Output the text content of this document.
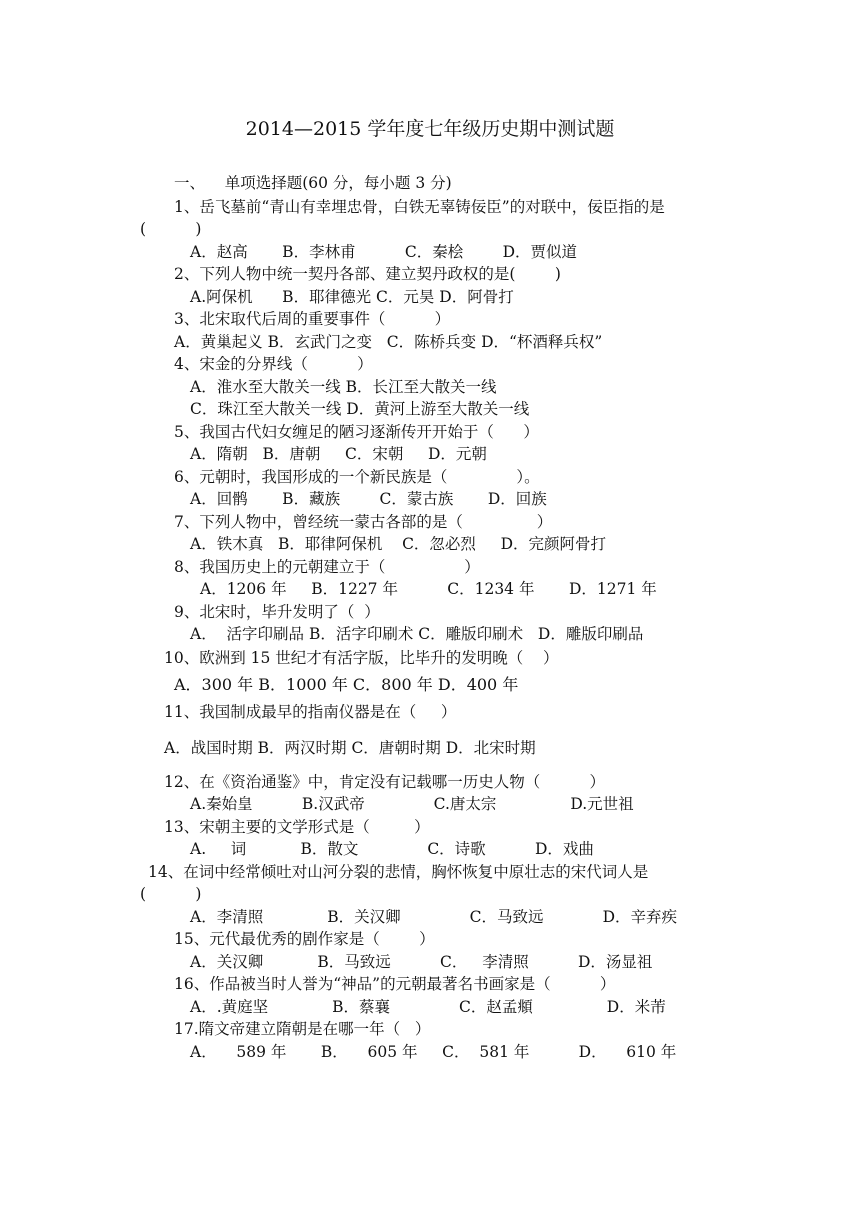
2014—2015 学年度七年级历史期中测试题
一、    单项选择题(60 分，每小题 3 分)
1、岳飞墓前“青山有幸埋忠骨，白铁无辜铸佞臣”的对联中，佞臣指的是
(          )
A．赵高       B．李林甫          C．秦桧        D．贾似道
2、下列人物中统一契丹各部、建立契丹政权的是(        )
A.阿保机      B．耶律德光 C．元昊 D．阿骨打
3、北宋取代后周的重要事件（          ）
A．黄巢起义 B．玄武门之变   C．陈桥兵变 D．“杯酒释兵权”
4、宋金的分界线（          ）
A．淮水至大散关一线 B．长江至大散关一线
C．珠江至大散关一线 D．黄河上游至大散关一线
5、我国古代妇女缠足的陋习逐渐传开开始于（      ）
A．隋朝   B．唐朝     C．宋朝     D．元朝
6、元朝时，我国形成的一个新民族是（              ）。
A．回鹘       B．藏族        C．蒙古族       D．回族
7、下列人物中，曾经统一蒙古各部的是（               ）
A．铁木真   B．耶律阿保机    C．忽必烈     D．完颜阿骨打
8、我国历史上的元朝建立于（                ）
A．1206 年     B．1227 年          C．1234 年       D．1271 年
9、北宋时，毕升发明了（  ）
A．  活字印刷品 B．活字印刷术 C．雕版印刷术   D．雕版印刷品
10、欧洲到 15 世纪才有活字版，比毕升的发明晚（    ）
A．300 年 B．1000 年 C．800 年 D．400 年
11、我国制成最早的指南仪器是在（     ）
A．战国时期 B．两汉时期 C．唐朝时期 D．北宋时期
12、在《资治通鉴》中，肯定没有记载哪一历史人物（          ）
A.秦始皇          B.汉武帝              C.唐太宗               D.元世祖
13、宋朝主要的文学形式是（         ）
A.     词           B．散文              C．诗歌          D．戏曲
14、在词中经常倾吐对山河分裂的悲情，胸怀恢复中原壮志的宋代词人是
(          )
A．李清照             B．关汉卿              C．马致远            D．辛弃疾
15、元代最优秀的剧作家是（        ）
A．关汉卿           B．马致远          C．   李清照          D．汤显祖
16、作品被当时人誉为“神品”的元朝最著名书画家是（          ）
A．.黄庭坚             B．蔡襄              C．赵孟頫               D．米芾
17.隋文帝建立隋朝是在哪一年（   ）
A．    589 年       B．    605 年     C．  581 年          D．    610 年
